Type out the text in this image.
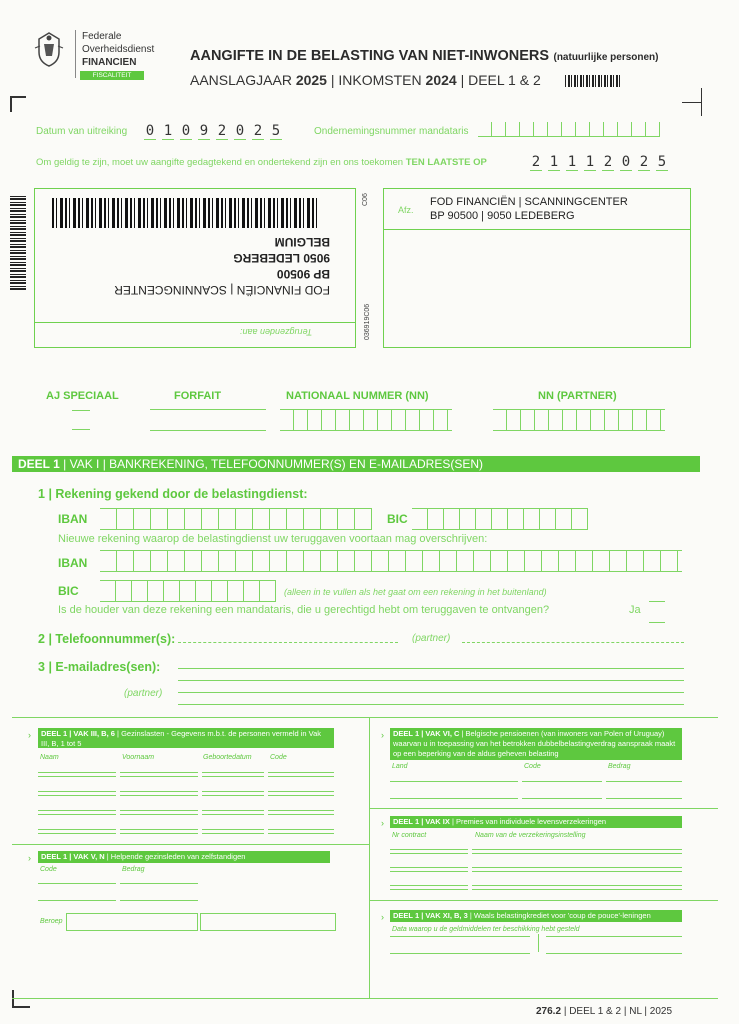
Federale
Overheidsdienst
FINANCIEN
FISCALITEIT
AANGIFTE IN DE BELASTING VAN NIET-INWONERS (natuurlijke personen)
AANSLAGJAAR 2025 | INKOMSTEN 2024 | DEEL 1 & 2
Datum van uitreiking 0 1 0 9 2 0 2 5	Ondernemingsnummer mandataris
Om geldig te zijn, moet uw aangifte gedagtekend en ondertekend zijn en ons toekomen TEN LAATSTE OP	2 1 1 1 2 0 2 5
FOD FINANCIËN | SCANNINGCENTER
BP 90500
9050 LEDEBERG
BELGIUM
Terugzenden aan:
C06
036919C06
Afz.
FOD FINANCIËN | SCANNINGCENTER
BP 90500 | 9050 LEDEBERG
AJ SPECIAAL	FORFAIT	NATIONAAL NUMMER (NN)	NN (PARTNER)
DEEL 1 | VAK I | BANKREKENING, TELEFOONNUMMER(S) EN E-MAILADRES(SEN)
1 | Rekening gekend door de belastingdienst:
IBAN	BIC
Nieuwe rekening waarop de belastingdienst uw teruggaven voortaan mag overschrijven:
IBAN
BIC	(alleen in te vullen als het gaat om een rekening in het buitenland)
Is de houder van deze rekening een mandataris, die u gerechtigd hebt om teruggaven te ontvangen?	Ja
2 | Telefoonnummer(s):	(partner)
3 | E-mailadres(sen):
(partner)
›	DEEL 1 | VAK III, B, 6 | Gezinslasten - Gegevens m.b.t. de personen vermeld in Vak III, B, 1 tot 5
Naam	Voornaam	Geboortedatum	Code
›	DEEL 1 | VAK V, N | Helpende gezinsleden van zelfstandigen
Code	Bedrag
Beroep
›	DEEL 1 | VAK VI, C | Belgische pensioenen (van inwoners van Polen of Uruguay) waarvan u in toepassing van het betrokken dubbelbelastingverdrag aanspraak maakt op een beperking van de aldus geheven belasting
Land	Code	Bedrag
›	DEEL 1 | VAK IX | Premies van individuele levensverzekeringen
Nr contract	Naam van de verzekeringsinstelling
›	DEEL 1 | VAK XI, B, 3 | Waals belastingkrediet voor 'coup de pouce'-leningen
Data waarop u de geldmiddelen ter beschikking hebt gesteld
276.2 | DEEL 1 & 2 | NL | 2025
